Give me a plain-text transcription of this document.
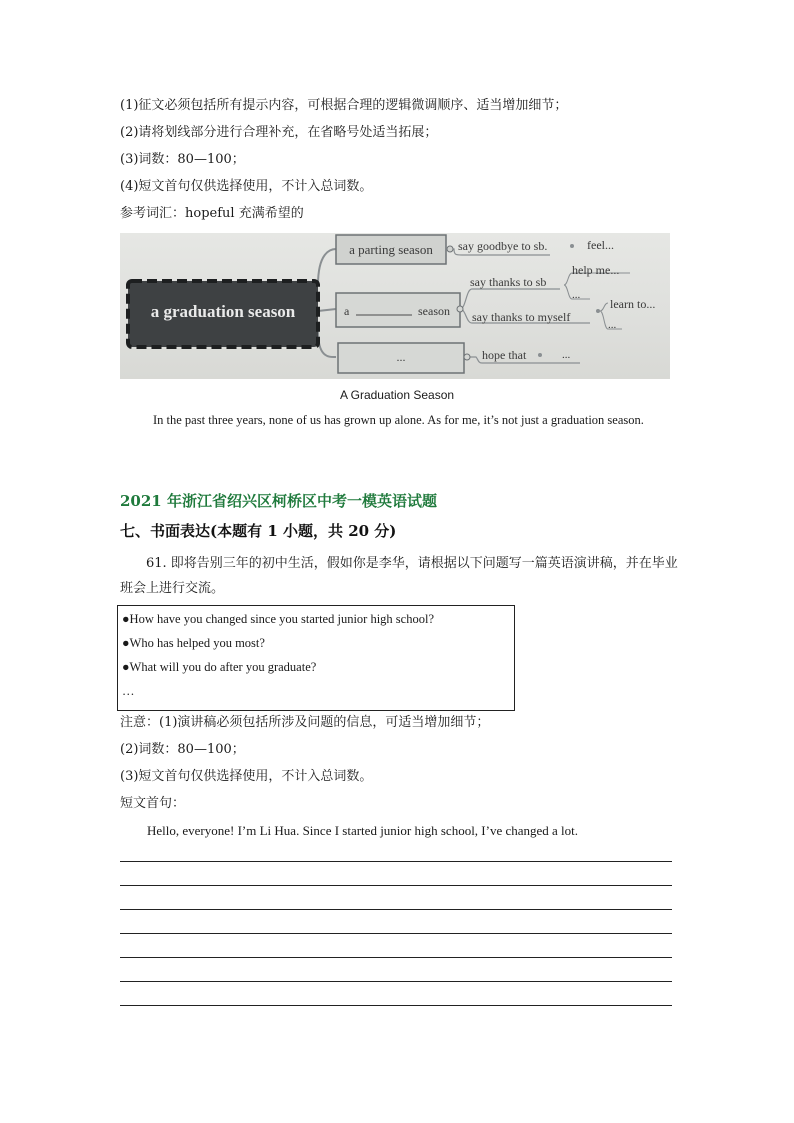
(1)征文必须包括所有提示内容，可根据合理的逻辑微调顺序、适当增加细节；
(2)请将划线部分进行合理补充，在省略号处适当拓展；
(3)词数：80—100；
(4)短文首句仅供选择使用，不计入总词数。
参考词汇：hopeful 充满希望的
a graduation season
a parting season say goodbye to sb.	feel...
a	season
say thanks to sb
help me...
...
say thanks to myself
learn to...
...
...	hope that	...
A Graduation Season
In the past three years, none of us has grown up alone. As for me, it’s not just a graduation season.
2021 年浙江省绍兴区柯桥区中考一模英语试题
七、书面表达(本题有 1 小题，共 20 分)
61. 即将告别三年的初中生活，假如你是李华，请根据以下问题写一篇英语演讲稿，并在毕业班会上进行交流。
●How have you changed since you started junior high school?
●Who has helped you most?
●What will you do after you graduate?
…
注意：(1)演讲稿必须包括所涉及问题的信息，可适当增加细节；
(2)词数：80—100；
(3)短文首句仅供选择使用，不计入总词数。
短文首句：
Hello, everyone! I’m Li Hua. Since I started junior high school, I’ve changed a lot.
